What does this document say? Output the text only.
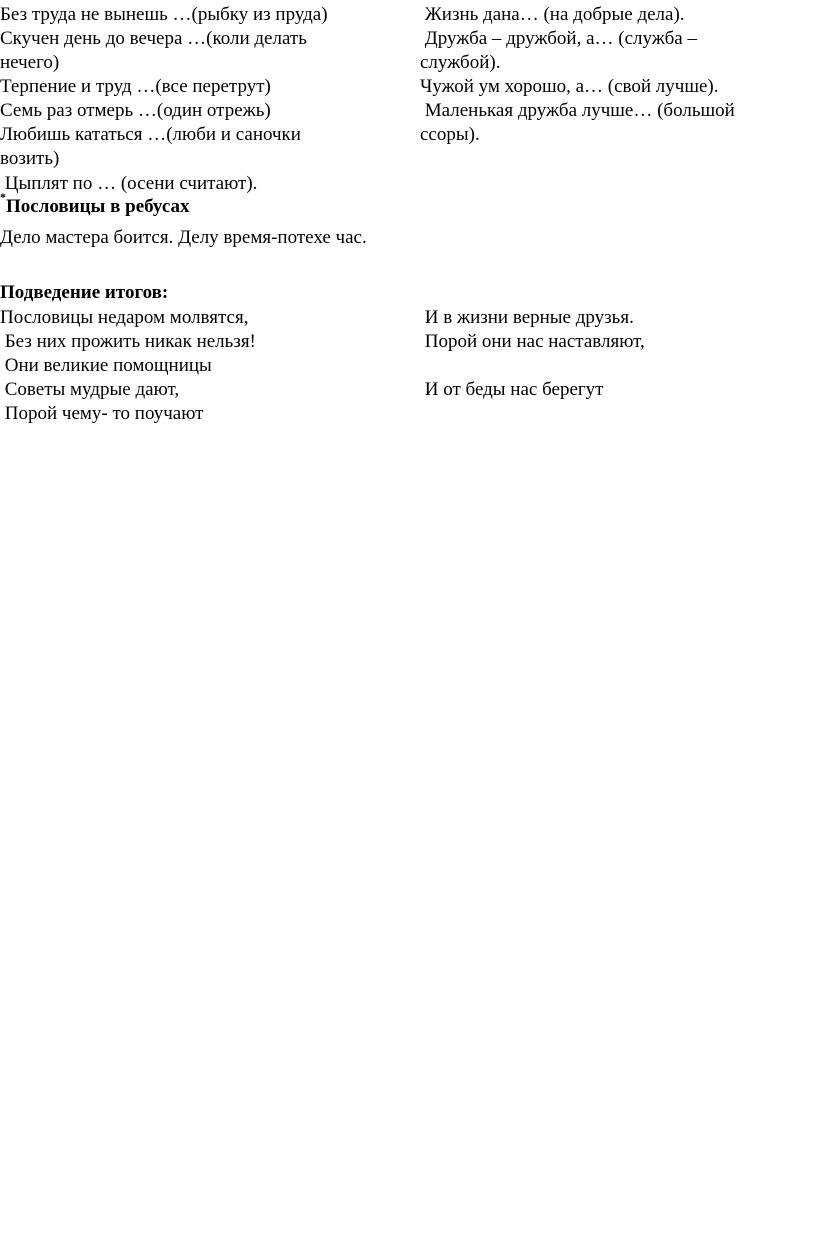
Без труда не вынешь …(рыбку из пруда)
Скучен день до вечера …(коли делать
нечего)
Терпение и труд …(все перетрут)
Семь раз отмерь …(один отрежь)
Любишь кататься …(люби и саночки
возить)
Цыплят по … (осени считают).
Жизнь дана… (на добрые дела).
Дружба – дружбой, а… (служба –
службой).
Чужой ум хорошо, а… (свой лучше).
Маленькая дружба лучше… (большой
ссоры).
*Пословицы в ребусах
Дело мастера боится. Делу время-потехе час.
Подведение итогов:
Пословицы недаром молвятся,
Без них прожить никак нельзя!
Они великие помощницы
Советы мудрые дают,
Порой чему- то поучают
И в жизни верные друзья.
Порой они нас наставляют,
И от беды нас берегут
